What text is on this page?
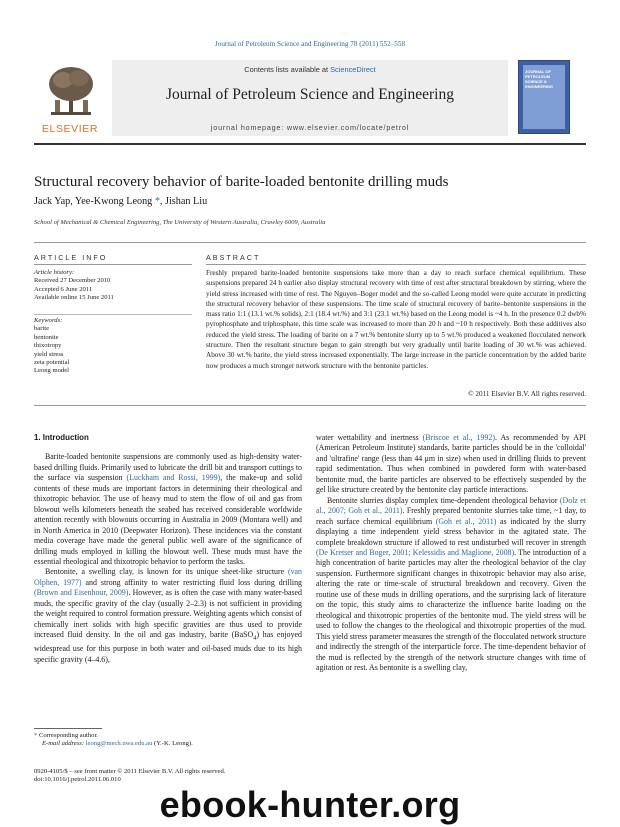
Journal of Petroleum Science and Engineering 78 (2011) 552–558
ELSEVIER
Contents lists available at ScienceDirect
Journal of Petroleum Science and Engineering
journal homepage: www.elsevier.com/locate/petrol
JOURNAL OF PETROLEUM SCIENCE & ENGINEERING
Structural recovery behavior of barite-loaded bentonite drilling muds
Jack Yap, Yee-Kwong Leong *, Jishan Liu
School of Mechanical & Chemical Engineering, The University of Western Australia, Crawley 6009, Australia
ARTICLE INFO	ABSTRACT
Article history:
Received 27 December 2010
Accepted 6 June 2011
Available online 15 June 2011
Keywords:
barite
bentonite
thixotropy
yield stress
zeta potential
Leong model
Freshly prepared barite-loaded bentonite suspensions take more than a day to reach surface chemical equilibrium. These suspensions prepared 24 h earlier also display structural recovery with time of rest after structural breakdown by stirring, where the yield stress increased with time of rest. The Nguyen–Boger model and the so-called Leong model were quite accurate in predicting the structural recovery behavior of these suspensions. The time scale of structural recovery of barite–bentonite suspensions in the mass ratio 1:1 (13.1 wt.% solids), 2:1 (18.4 wt.%) and 3:1 (23.1 wt.%) based on the Leong model is ~4 h. In the presence 0.2 dwb% pyrophosphate and triphosphate, this time scale was increased to more than 20 h and ~10 h respectively. Both these additives also reduced the yield stress. The loading of barite on a 7 wt.% bentonite slurry up to 5 wt.% produced a weakened flocculated network structure. Then the resultant structure began to gain strength but very gradually until barite loading of 30 wt.% was achieved. Above 30 wt.% barite, the yield stress increased exponentially. The large increase in the particle concentration by the added barite now produces a much stronger network structure with the bentonite particles.
© 2011 Elsevier B.V. All rights reserved.
1. Introduction

Barite-loaded bentonite suspensions are commonly used as high-density water-based drilling fluids. Primarily used to lubricate the drill bit and transport cuttings to the surface via suspension (Luckham and Rossi, 1999), the make-up and solid contents of these muds are important factors in determining their rheological and thixotropic behavior. The use of heavy mud to stem the flow of oil and gas from blowout wells kilometers beneath the seabed has received considerable worldwide attention recently with blowouts occurring in Australia in 2009 (Montara well) and in North America in 2010 (Deepwater Horizon). These incidences via the constant media coverage have made the general public well aware of the significance of drilling muds employed in killing the blowout well. These muds must have the essential rheological and thixotropic behavior to perform the tasks.

Bentonite, a swelling clay, is known for its unique sheet-like structure (van Olphen, 1977) and strong affinity to water restricting fluid loss during drilling (Brown and Eisenhour, 2009). However, as is often the case with many water-based muds, the specific gravity of the clay (usually 2–2.3) is not sufficient in providing the weight required to control formation pressure. Weighting agents which consist of chemically inert solids with high specific gravities are thus used to provide increased fluid density. In the oil and gas industry, barite (BaSO$_4$) has enjoyed widespread use for this purpose in both water and oil-based muds due to its high specific gravity (4–4.6),

water wettability and inertness (Briscoe et al., 1992). As recommended by API (American Petroleum Institute) standards, barite particles should be in the 'colloidal' and 'ultrafine' range (less than 44 μm in size) when used in drilling fluids to prevent rapid sedimentation. Thus when combined in powdered form with water-based bentonite mud, the barite particles are observed to be effectively suspended by the gel like structure created by the bentonite clay particle interactions.

Bentonite slurries display complex time-dependent rheological behavior (Dolz et al., 2007; Goh et al., 2011). Freshly prepared bentonite slurries take time, ~1 day, to reach surface chemical equilibrium (Goh et al., 2011) as indicated by the slurry displaying a time independent yield stress behavior in the agitated state. The complete breakdown structure if allowed to rest undisturbed will recover in strength (De Kretser and Boger, 2001; Kelessidis and Maglione, 2008). The introduction of a high concentration of barite particles may alter the rheological behavior of the clay suspension. Furthermore significant changes in thixotropic behavior may also arise, altering the rate or time-scale of structural breakdown and recovery. Given the routine use of these muds in drilling operations, and the surprising lack of literature on the topic, this study aims to characterize the influence barite loading on the rheological and thixotropic properties of the bentonite mud. The yield stress will be used to follow the changes to the rheological and thixotropic properties of the mud. This yield stress parameter measures the strength of the flocculated network structure and indirectly the strength of the interparticle force. The time-dependent behavior of the mud is reflected by the strength of the network structure changes with time of agitation or rest. As bentonite is a swelling clay,

* Corresponding author.
E-mail address: leong@mech.uwa.edu.au (Y.-K. Leong).
0920-4105/$ – see front matter © 2011 Elsevier B.V. All rights reserved.
doi:10.1016/j.petrol.2011.06.010
ebook-hunter.org
